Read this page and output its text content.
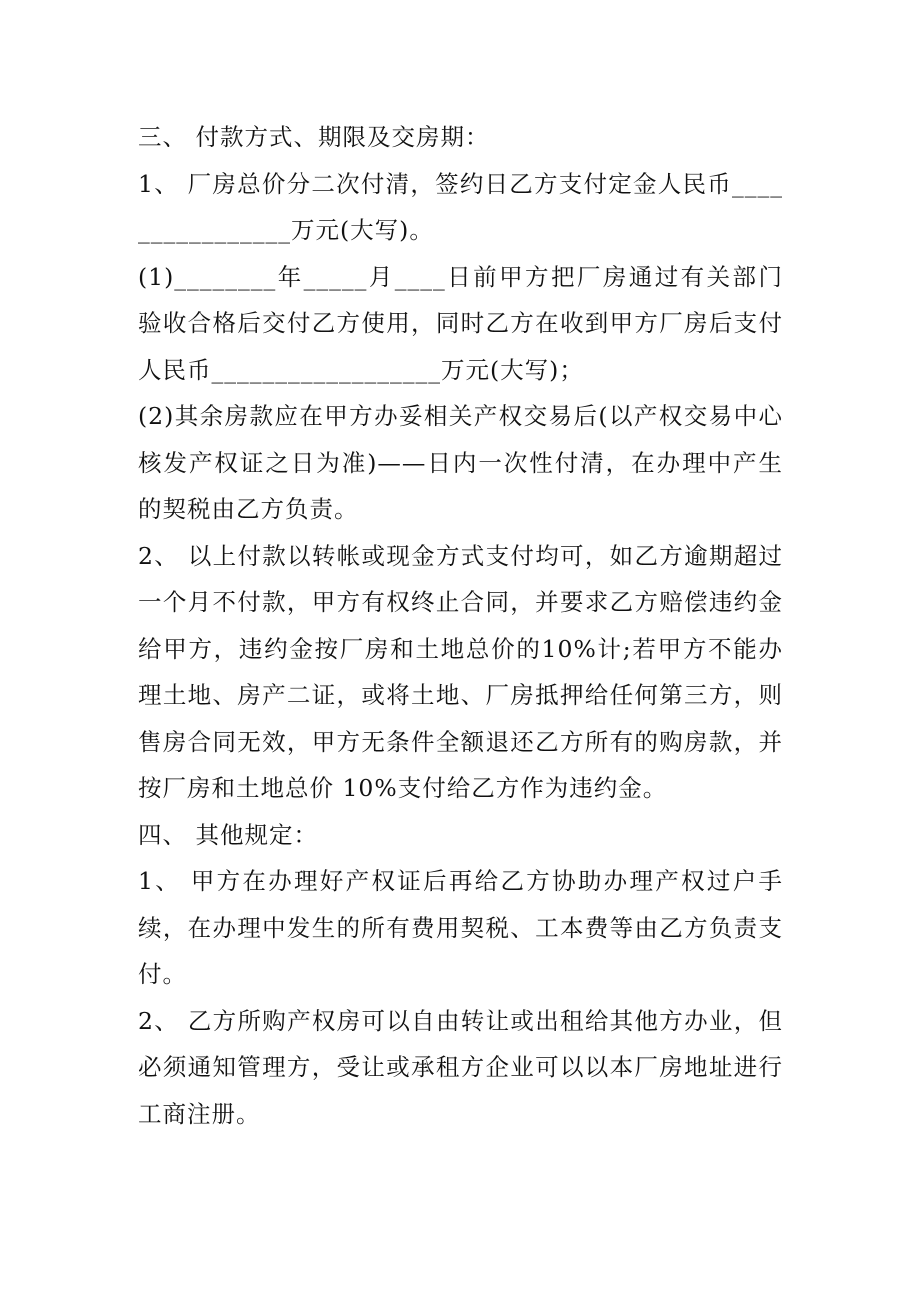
三、 付款方式、期限及交房期：

1、 厂房总价分二次付清，签约日乙方支付定金人民币________________万元(大写)。

(1)________年_____月____日前甲方把厂房通过有关部门验收合格后交付乙方使用，同时乙方在收到甲方厂房后支付人民币__________________万元(大写)；

(2)其余房款应在甲方办妥相关产权交易后(以产权交易中心核发产权证之日为准)——日内一次性付清，在办理中产生的契税由乙方负责。

2、 以上付款以转帐或现金方式支付均可，如乙方逾期超过一个月不付款，甲方有权终止合同，并要求乙方赔偿违约金给甲方，违约金按厂房和土地总价的10%计;若甲方不能办理土地、房产二证，或将土地、厂房抵押给任何第三方，则售房合同无效，甲方无条件全额退还乙方所有的购房款，并按厂房和土地总价 10%支付给乙方作为违约金。

四、 其他规定：

1、 甲方在办理好产权证后再给乙方协助办理产权过户手续，在办理中发生的所有费用契税、工本费等由乙方负责支付。

2、 乙方所购产权房可以自由转让或出租给其他方办业，但必须通知管理方，受让或承租方企业可以以本厂房地址进行工商注册。
